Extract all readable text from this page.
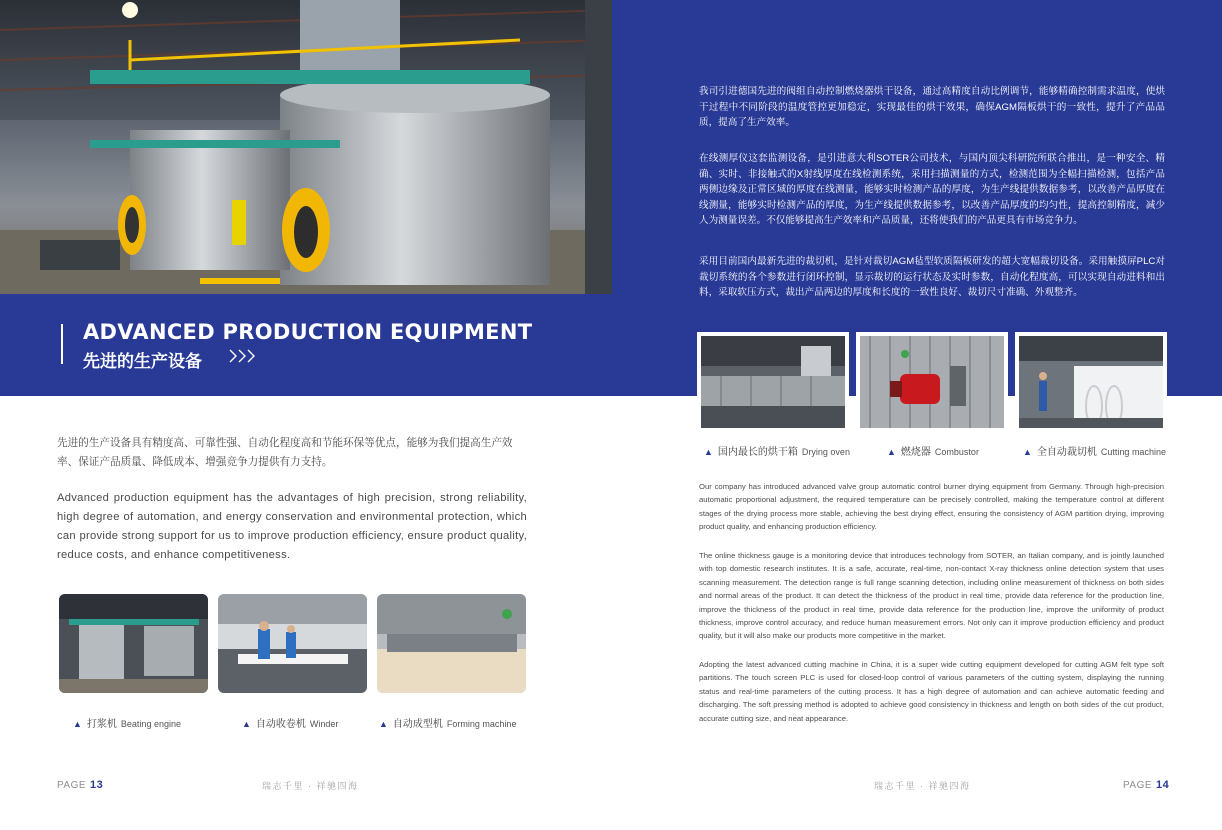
ADVANCED PRODUCTION EQUIPMENT
先进的生产设备
我司引进德国先进的阀组自动控制燃烧器烘干设备，通过高精度自动比例调节，能够精确控制需求温度，使烘干过程中不同阶段的温度管控更加稳定，实现最佳的烘干效果，确保AGM隔板烘干的一致性，提升了产品品质，提高了生产效率。
在线测厚仪这套监测设备，是引进意大利SOTER公司技术，与国内顶尖科研院所联合推出，是一种安全、精确、实时、非接触式的X射线厚度在线检测系统，采用扫描测量的方式，检测范围为全幅扫描检测，包括产品两侧边缘及正常区域的厚度在线测量，能够实时检测产品的厚度，为生产线提供数据参考，以改善产品厚度在线测量，能够实时检测产品的厚度，为生产线提供数据参考，以改善产品厚度的均匀性，提高控制精度，减少人为测量误差。不仅能够提高生产效率和产品质量，还将使我们的产品更具有市场竞争力。
采用目前国内最新先进的裁切机，是针对裁切AGM毡型软质隔板研发的超大宽幅裁切设备。采用触摸屏PLC对裁切系统的各个参数进行闭环控制，显示裁切的运行状态及实时参数，自动化程度高，可以实现自动进料和出料，采取软压方式，裁出产品两边的厚度和长度的一致性良好、裁切尺寸准确、外观整齐。
▲ 国内最长的烘干箱 Drying oven	▲ 燃烧器 Combustor	▲ 全自动裁切机 Cutting machine
Our company has introduced advanced valve group automatic control burner drying equipment from Germany. Through high-precision automatic proportional adjustment, the required temperature can be precisely controlled, making the temperature control at different stages of the drying process more stable, achieving the best drying effect, ensuring the consistency of AGM partition drying, improving product quality, and enhancing production efficiency.
The online thickness gauge is a monitoring device that introduces technology from SOTER, an Italian company, and is jointly launched with top domestic research institutes. It is a safe, accurate, real-time, non-contact X-ray thickness online detection system that uses scanning measurement. The detection range is full range scanning detection, including online measurement of thickness on both sides and normal areas of the product. It can detect the thickness of the product in real time, provide data reference for the production line, improve the thickness of the product in real time, provide data reference for the production line, improve the uniformity of product thickness, improve control accuracy, and reduce human measurement errors. Not only can it improve production efficiency and product quality, but it will also make our products more competitive in the market.
Adopting the latest advanced cutting machine in China, it is a super wide cutting equipment developed for cutting AGM felt type soft partitions. The touch screen PLC is used for closed-loop control of various parameters of the cutting system, displaying the running status and real-time parameters of the cutting process. It has a high degree of automation and can achieve automatic feeding and discharging. The soft pressing method is adopted to achieve good consistency in thickness and length on both sides of the cut product, accurate cutting size, and neat appearance.
先进的生产设备具有精度高、可靠性强、自动化程度高和节能环保等优点，能够为我们提高生产效率、保证产品质量、降低成本、增强竞争力提供有力支持。
Advanced production equipment has the advantages of high precision, strong reliability, high degree of automation, and energy conservation and environmental protection, which can provide strong support for us to improve production efficiency, ensure product quality, reduce costs, and enhance competitiveness.
▲ 打浆机 Beating engine	▲ 自动收卷机 Winder	▲ 自动成型机 Forming machine
PAGE 13	瑞志千里 · 祥驰四海	瑞志千里 · 祥驰四海	PAGE 14
